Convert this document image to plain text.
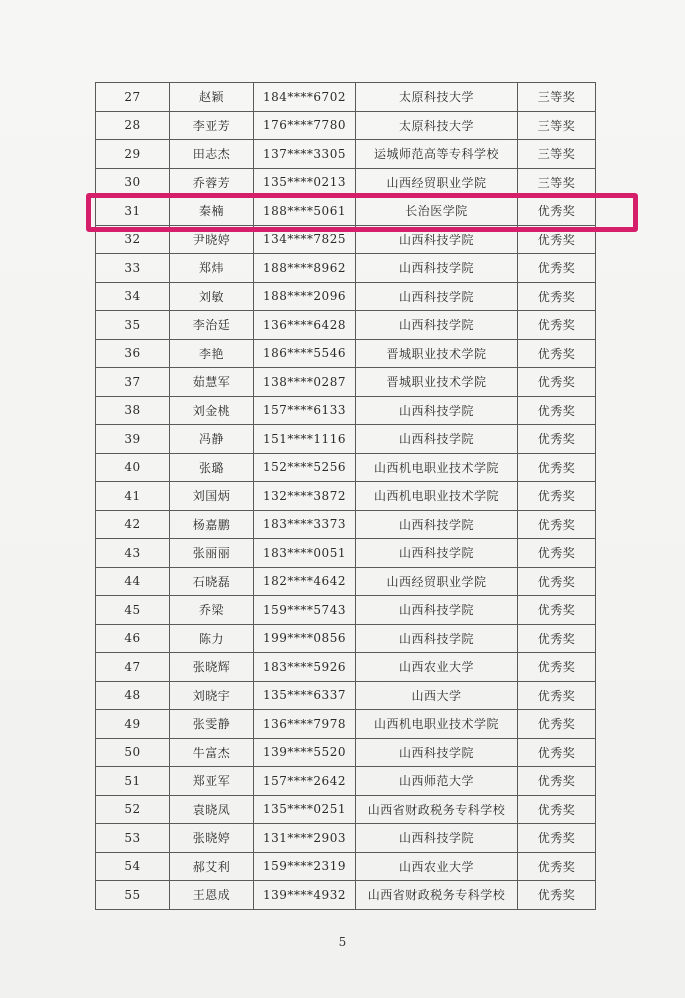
27	赵颖	184****6702	太原科技大学	三等奖
28	李亚芳	176****7780	太原科技大学	三等奖
29	田志杰	137****3305	运城师范高等专科学校	三等奖
30	乔蓉芳	135****0213	山西经贸职业学院	三等奖
31	秦楠	188****5061	长治医学院	优秀奖
32	尹晓婷	134****7825	山西科技学院	优秀奖
33	郑炜	188****8962	山西科技学院	优秀奖
34	刘敏	188****2096	山西科技学院	优秀奖
35	李治廷	136****6428	山西科技学院	优秀奖
36	李艳	186****5546	晋城职业技术学院	优秀奖
37	茹慧军	138****0287	晋城职业技术学院	优秀奖
38	刘金桃	157****6133	山西科技学院	优秀奖
39	冯静	151****1116	山西科技学院	优秀奖
40	张璐	152****5256	山西机电职业技术学院	优秀奖
41	刘国炳	132****3872	山西机电职业技术学院	优秀奖
42	杨嘉鹏	183****3373	山西科技学院	优秀奖
43	张丽丽	183****0051	山西科技学院	优秀奖
44	石晓磊	182****4642	山西经贸职业学院	优秀奖
45	乔梁	159****5743	山西科技学院	优秀奖
46	陈力	199****0856	山西科技学院	优秀奖
47	张晓辉	183****5926	山西农业大学	优秀奖
48	刘晓宇	135****6337	山西大学	优秀奖
49	张雯静	136****7978	山西机电职业技术学院	优秀奖
50	牛富杰	139****5520	山西科技学院	优秀奖
51	郑亚军	157****2642	山西师范大学	优秀奖
52	袁晓凤	135****0251	山西省财政税务专科学校	优秀奖
53	张晓婷	131****2903	山西科技学院	优秀奖
54	郝艾利	159****2319	山西农业大学	优秀奖
55	王恩成	139****4932	山西省财政税务专科学校	优秀奖
5
